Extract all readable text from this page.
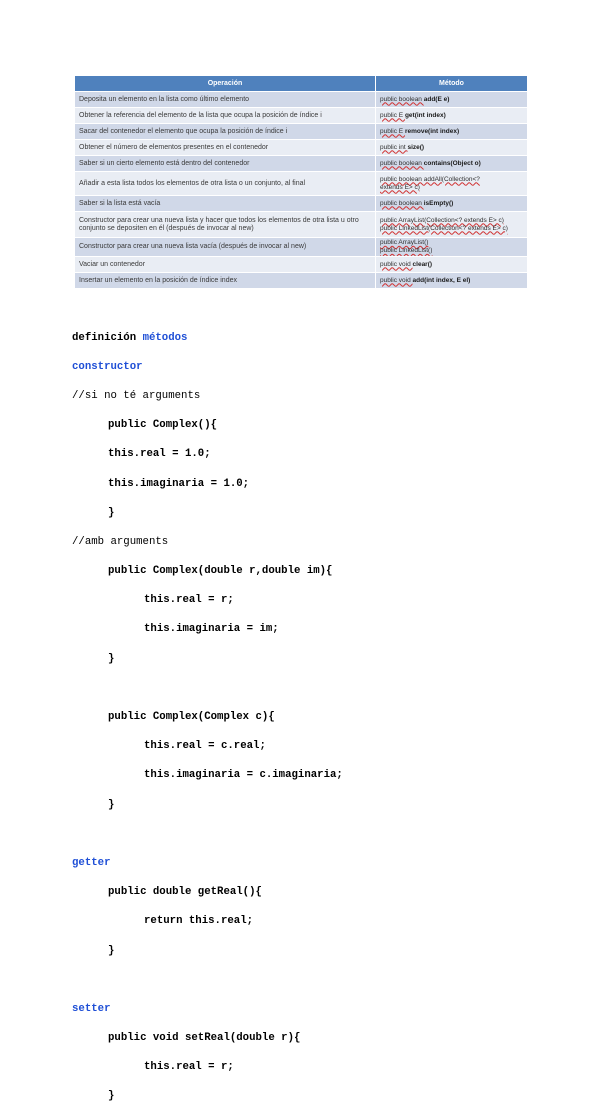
Operación	Método
Deposita un elemento en la lista como último elemento	public boolean add(E e)
Obtener la referencia del elemento de la lista que ocupa la posición de índice i	public E get(int index)
Sacar del contenedor el elemento que ocupa la posición de índice i	public E remove(int index)
Obtener el número de elementos presentes en el contenedor	public int size()
Saber si un cierto elemento está dentro del contenedor	public boolean contains(Object o)
Añadir a esta lista todos los elementos de otra lista o un conjunto, al final	public boolean addAll(Collection<?
extends E> c)
Saber si la lista está vacía	public boolean isEmpty()
Constructor para crear una nueva lista y hacer que todos los elementos de otra lista u otro conjunto se depositen en él (después de invocar al new)	public ArrayList(Collection<? extends E> c)
public LinkedList(Collection<? extends E> c)
Constructor para crear una nueva lista vacía (después de invocar al new)	public ArrayList()
public LinkedList()
Vaciar un contenedor	public void clear()
Insertar un elemento en la posición de índice index	public void add(int index, E el)

definición métodos

constructor

//si no té arguments

public Complex(){

this.real = 1.0;

this.imaginaria = 1.0;

}

//amb arguments

public Complex(double r,double im){

this.real = r;

this.imaginaria = im;

}

public Complex(Complex c){

this.real = c.real;

this.imaginaria = c.imaginaria;

}

getter

public double getReal(){

return this.real;

}

setter

public void setReal(double r){

this.real = r;

}
